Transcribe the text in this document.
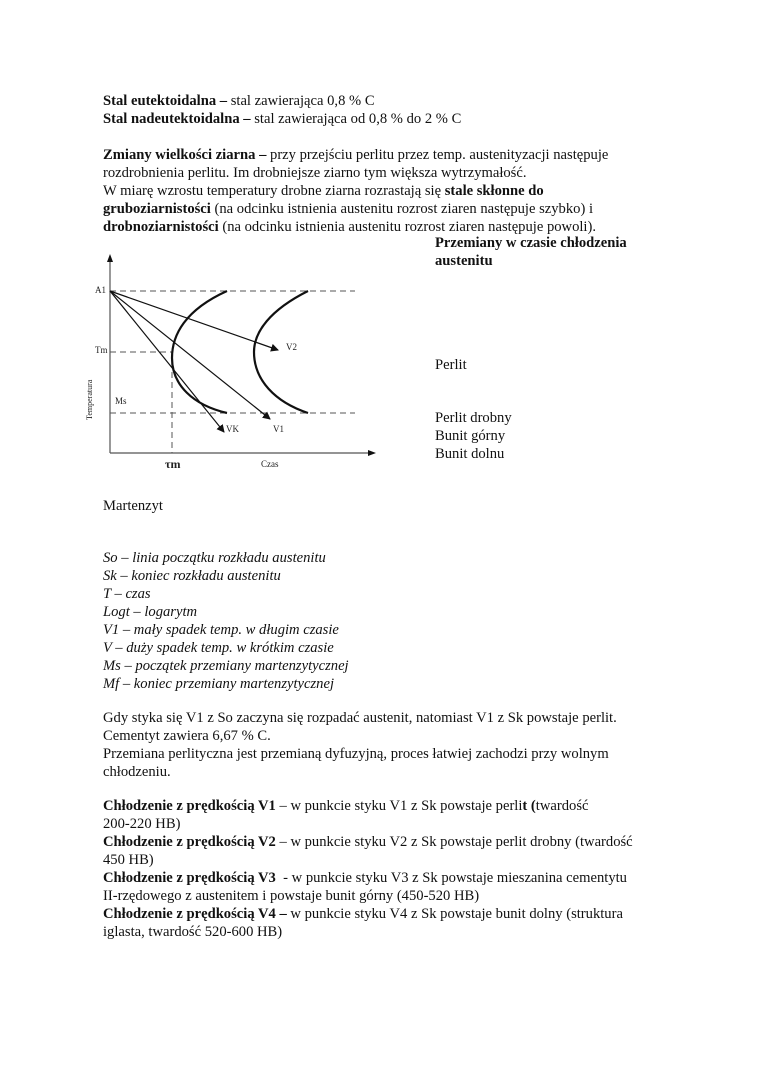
Stal eutektoidalna – stal zawierająca 0,8 % C
Stal nadeutektoidalna – stal zawierająca od 0,8 % do 2 % C
Zmiany wielkości ziarna – przy przejściu perlitu przez temp. austenityzacji następuje
rozdrobnienia perlitu. Im drobniejsze ziarno tym większa wytrzymałość.
W miarę wzrostu temperatury drobne ziarna rozrastają się stale skłonne do
gruboziarnistości (na odcinku istnienia austenitu rozrost ziaren następuje szybko) i
drobnoziarnistości (na odcinku istnienia austenitu rozrost ziaren następuje powoli).
A1
Tm
Ms
τm	Czas
V2
V1
VK
Temperatura
Przemiany w czasie chłodzenia
austenitu
Perlit
Perlit drobny
Bunit górny
Bunit dolnu
Martenzyt
So – linia początku rozkładu austenitu
Sk – koniec rozkładu austenitu
T – czas
Logt – logarytm
V1 – mały spadek temp. w długim czasie
V – duży spadek temp. w krótkim czasie
Ms – początek przemiany martenzytycznej
Mf – koniec przemiany martenzytycznej
Gdy styka się V1 z So zaczyna się rozpadać austenit, natomiast V1 z Sk powstaje perlit.
Cementyt zawiera 6,67 % C.
Przemiana perlityczna jest przemianą dyfuzyjną, proces łatwiej zachodzi przy wolnym
chłodzeniu.
Chłodzenie z prędkością V1 – w punkcie styku V1 z Sk powstaje perlit (twardość
200-220 HB)
Chłodzenie z prędkością V2 – w punkcie styku V2 z Sk powstaje perlit drobny (twardość
450 HB)
Chłodzenie z prędkością V3  - w punkcie styku V3 z Sk powstaje mieszanina cementytu
II-rzędowego z austenitem i powstaje bunit górny (450-520 HB)
Chłodzenie z prędkością V4 – w punkcie styku V4 z Sk powstaje bunit dolny (struktura
iglasta, twardość 520-600 HB)
